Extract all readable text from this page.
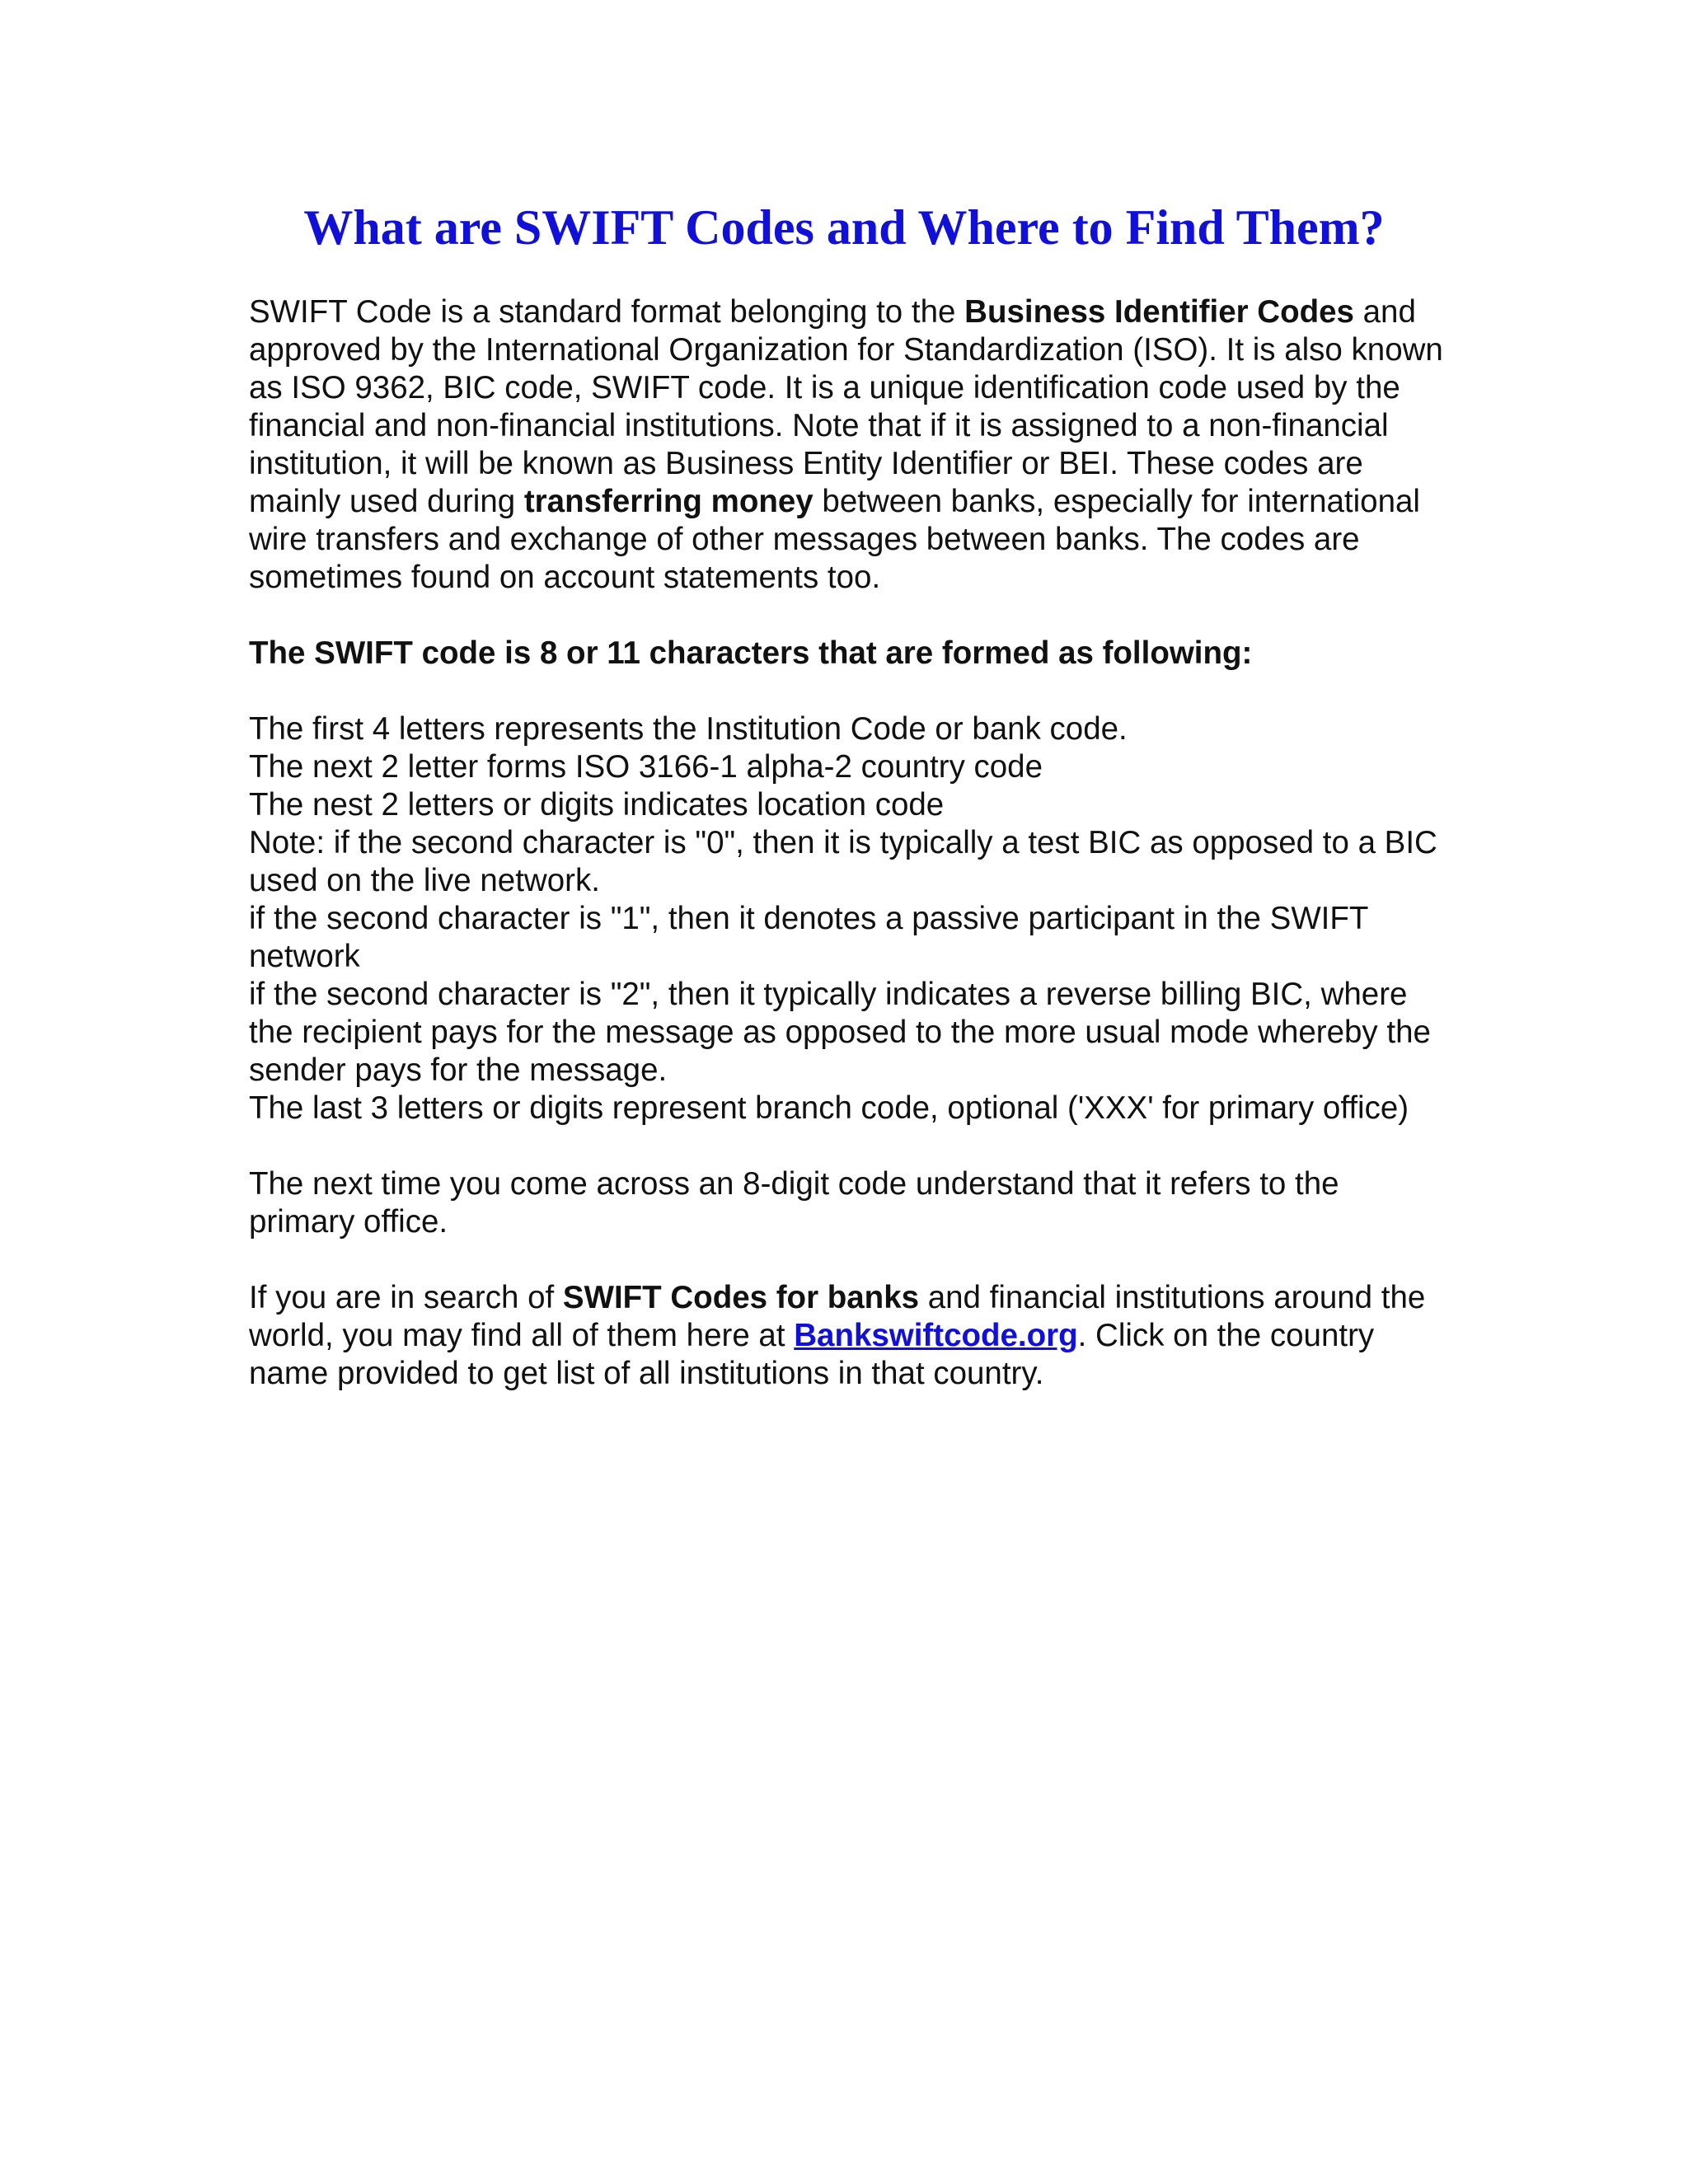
What are SWIFT Codes and Where to Find Them?

SWIFT Code is a standard format belonging to the Business Identifier Codes and approved by the International Organization for Standardization (ISO). It is also known as ISO 9362, BIC code, SWIFT code. It is a unique identification code used by the financial and non-financial institutions. Note that if it is assigned to a non-financial institution, it will be known as Business Entity Identifier or BEI. These codes are mainly used during transferring money between banks, especially for international wire transfers and exchange of other messages between banks. The codes are sometimes found on account statements too.

The SWIFT code is 8 or 11 characters that are formed as following:

The first 4 letters represents the Institution Code or bank code.
The next 2 letter forms ISO 3166-1 alpha-2 country code
The nest 2 letters or digits indicates location code
Note: if the second character is "0", then it is typically a test BIC as opposed to a BIC used on the live network.
if the second character is "1", then it denotes a passive participant in the SWIFT network
if the second character is "2", then it typically indicates a reverse billing BIC, where the recipient pays for the message as opposed to the more usual mode whereby the sender pays for the message.
The last 3 letters or digits represent branch code, optional ('XXX' for primary office)

The next time you come across an 8-digit code understand that it refers to the primary office.

If you are in search of SWIFT Codes for banks and financial institutions around the world, you may find all of them here at Bankswiftcode.org. Click on the country name provided to get list of all institutions in that country.
